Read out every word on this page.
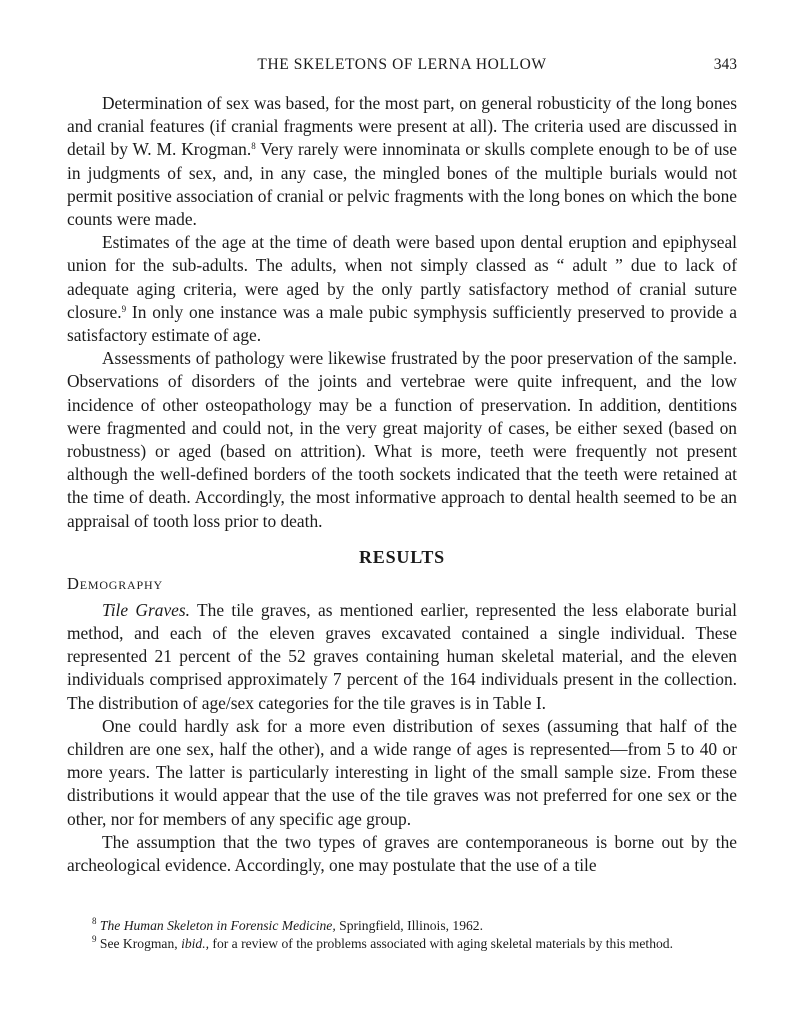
THE SKELETONS OF LERNA HOLLOW	343

Determination of sex was based, for the most part, on general robusticity of the long bones and cranial features (if cranial fragments were present at all). The criteria used are discussed in detail by W. M. Krogman.$^8$ Very rarely were innominata or skulls complete enough to be of use in judgments of sex, and, in any case, the mingled bones of the multiple burials would not permit positive association of cranial or pelvic fragments with the long bones on which the bone counts were made.

Estimates of the age at the time of death were based upon dental eruption and epiphyseal union for the sub-adults. The adults, when not simply classed as “ adult ” due to lack of adequate aging criteria, were aged by the only partly satisfactory method of cranial suture closure.$^9$ In only one instance was a male pubic symphysis sufficiently preserved to provide a satisfactory estimate of age.

Assessments of pathology were likewise frustrated by the poor preservation of the sample. Observations of disorders of the joints and vertebrae were quite infrequent, and the low incidence of other osteopathology may be a function of preservation. In addition, dentitions were fragmented and could not, in the very great majority of cases, be either sexed (based on robustness) or aged (based on attrition). What is more, teeth were frequently not present although the well-defined borders of the tooth sockets indicated that the teeth were retained at the time of death. Accordingly, the most informative approach to dental health seemed to be an appraisal of tooth loss prior to death.

RESULTS
Demography

Tile Graves. The tile graves, as mentioned earlier, represented the less elaborate burial method, and each of the eleven graves excavated contained a single individual. These represented 21 percent of the 52 graves containing human skeletal material, and the eleven individuals comprised approximately 7 percent of the 164 individuals present in the collection. The distribution of age/sex categories for the tile graves is in Table I.

One could hardly ask for a more even distribution of sexes (assuming that half of the children are one sex, half the other), and a wide range of ages is represented—from 5 to 40 or more years. The latter is particularly interesting in light of the small sample size. From these distributions it would appear that the use of the tile graves was not preferred for one sex or the other, nor for members of any specific age group.

The assumption that the two types of graves are contemporaneous is borne out by the archeological evidence. Accordingly, one may postulate that the use of a tile

$^8$ The Human Skeleton in Forensic Medicine, Springfield, Illinois, 1962.

$^9$ See Krogman, ibid., for a review of the problems associated with aging skeletal materials by this method.
